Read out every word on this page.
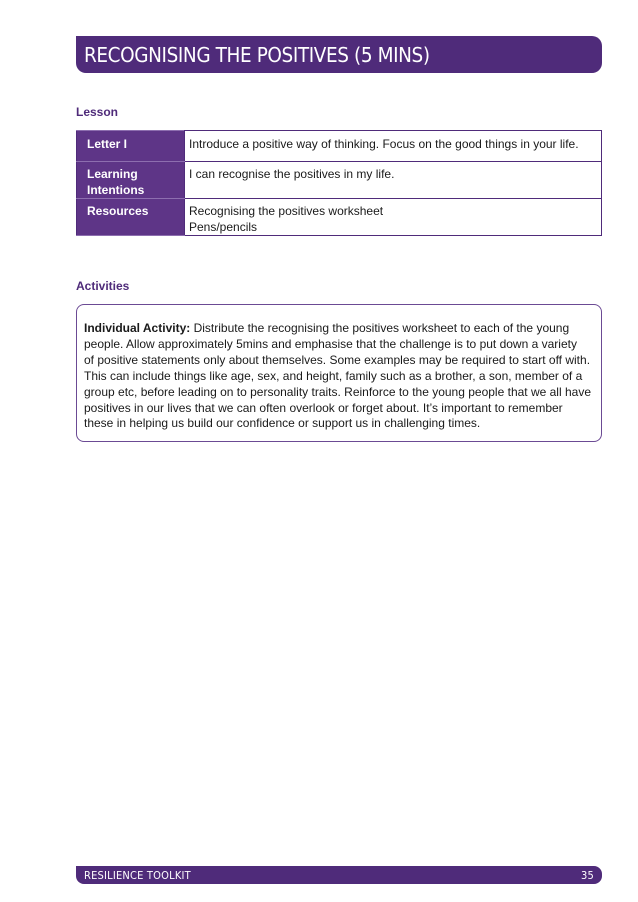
RECOGNISING THE POSITIVES (5 MINS)
Lesson
Letter I	Introduce a positive way of thinking. Focus on the good things in your life.
Learning
Intentions	I can recognise the positives in my life.
Resources	Recognising the positives worksheet
Pens/pencils
Activities
Individual Activity: Distribute the recognising the positives worksheet to each of the young
people. Allow approximately 5mins and emphasise that the challenge is to put down a variety
of positive statements only about themselves. Some examples may be required to start off with.
This can include things like age, sex, and height, family such as a brother, a son, member of a
group etc, before leading on to personality traits. Reinforce to the young people that we all have
positives in our lives that we can often overlook or forget about. It’s important to remember
these in helping us build our confidence or support us in challenging times.
RESILIENCE TOOLKIT	35
